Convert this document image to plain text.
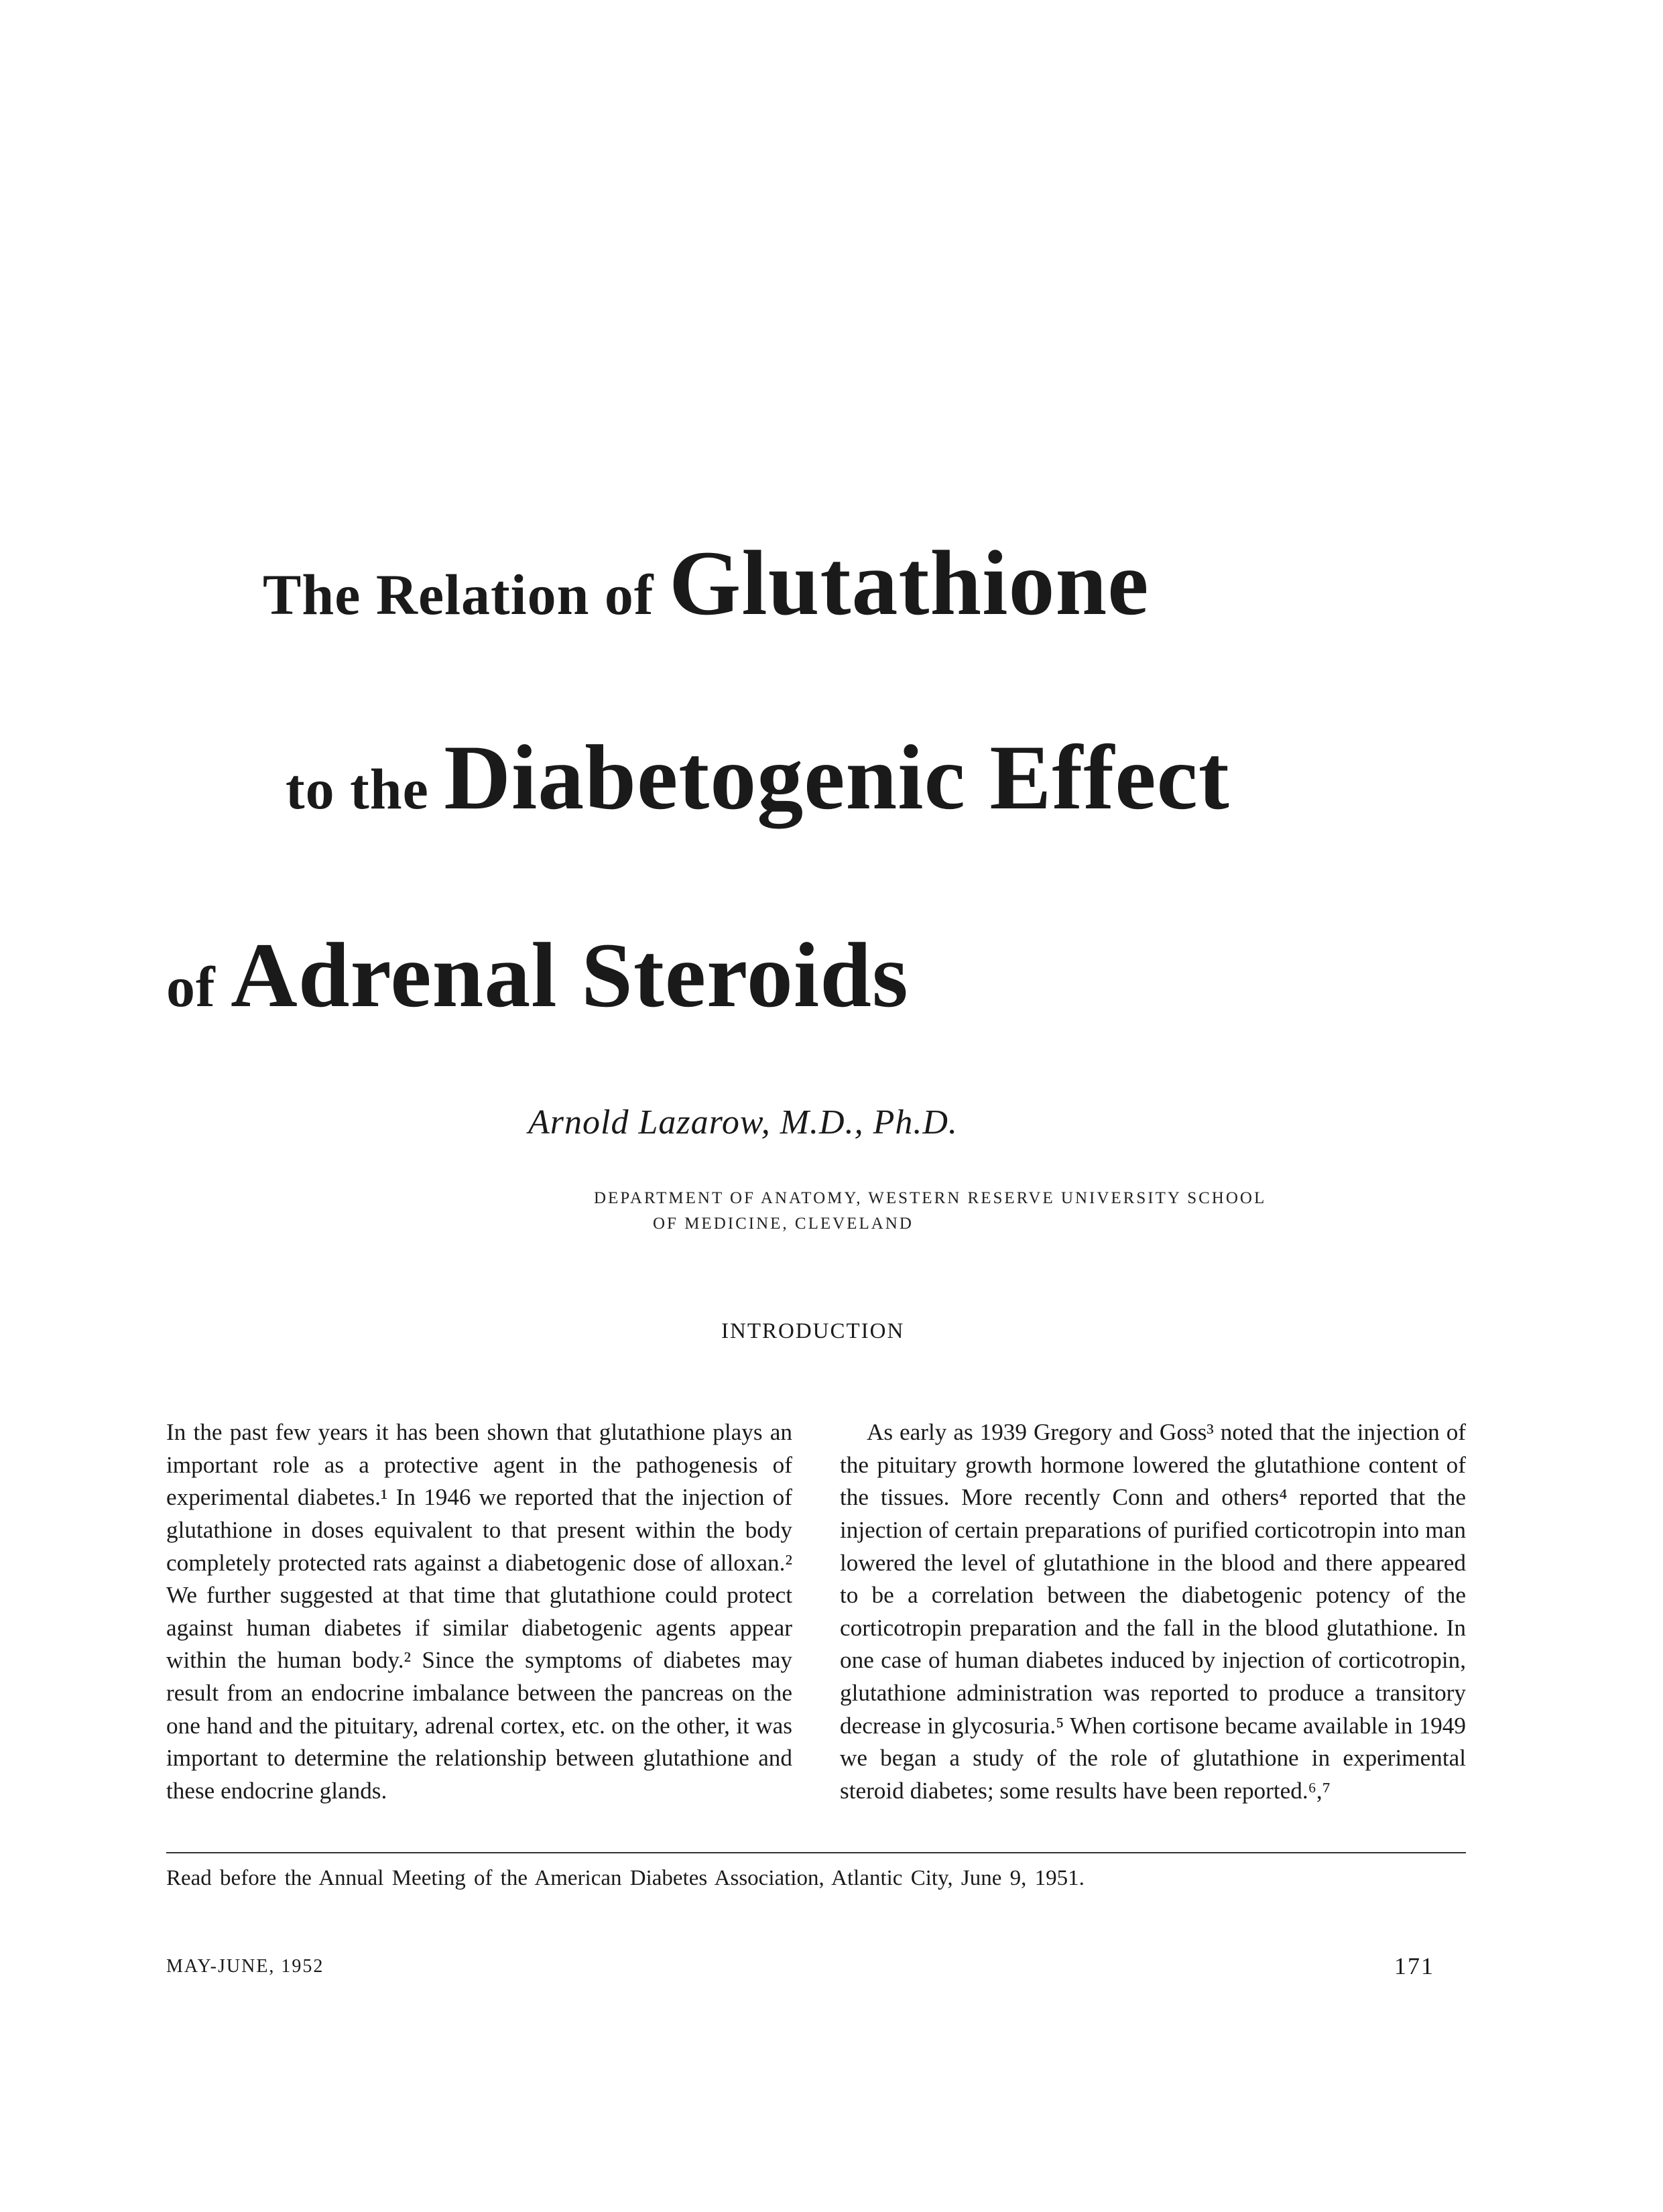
The Relation of Glutathione
to the Diabetogenic Effect
of Adrenal Steroids
Arnold Lazarow, M.D., Ph.D.
DEPARTMENT OF ANATOMY, WESTERN RESERVE UNIVERSITY SCHOOL
OF MEDICINE, CLEVELAND
INTRODUCTION

In the past few years it has been shown that glutathione plays an important role as a protective agent in the pathogenesis of experimental diabetes.¹ In 1946 we reported that the injection of glutathione in doses equivalent to that present within the body completely protected rats against a diabetogenic dose of alloxan.² We further suggested at that time that glutathione could protect against human diabetes if similar diabetogenic agents appear within the human body.² Since the symptoms of diabetes may result from an endocrine imbalance between the pancreas on the one hand and the pituitary, adrenal cortex, etc. on the other, it was important to determine the relationship between glutathione and these endocrine glands.

As early as 1939 Gregory and Goss³ noted that the injection of the pituitary growth hormone lowered the glutathione content of the tissues. More recently Conn and others⁴ reported that the injection of certain preparations of purified corticotropin into man lowered the level of glutathione in the blood and there appeared to be a correlation between the diabetogenic potency of the corticotropin preparation and the fall in the blood glutathione. In one case of human diabetes induced by injection of corticotropin, glutathione administration was reported to produce a transitory decrease in glycosuria.⁵ When cortisone became available in 1949 we began a study of the role of glutathione in experimental steroid diabetes; some results have been reported.⁶,⁷

Read before the Annual Meeting of the American Diabetes Association, Atlantic City, June 9, 1951.
MAY-JUNE, 1952	171
